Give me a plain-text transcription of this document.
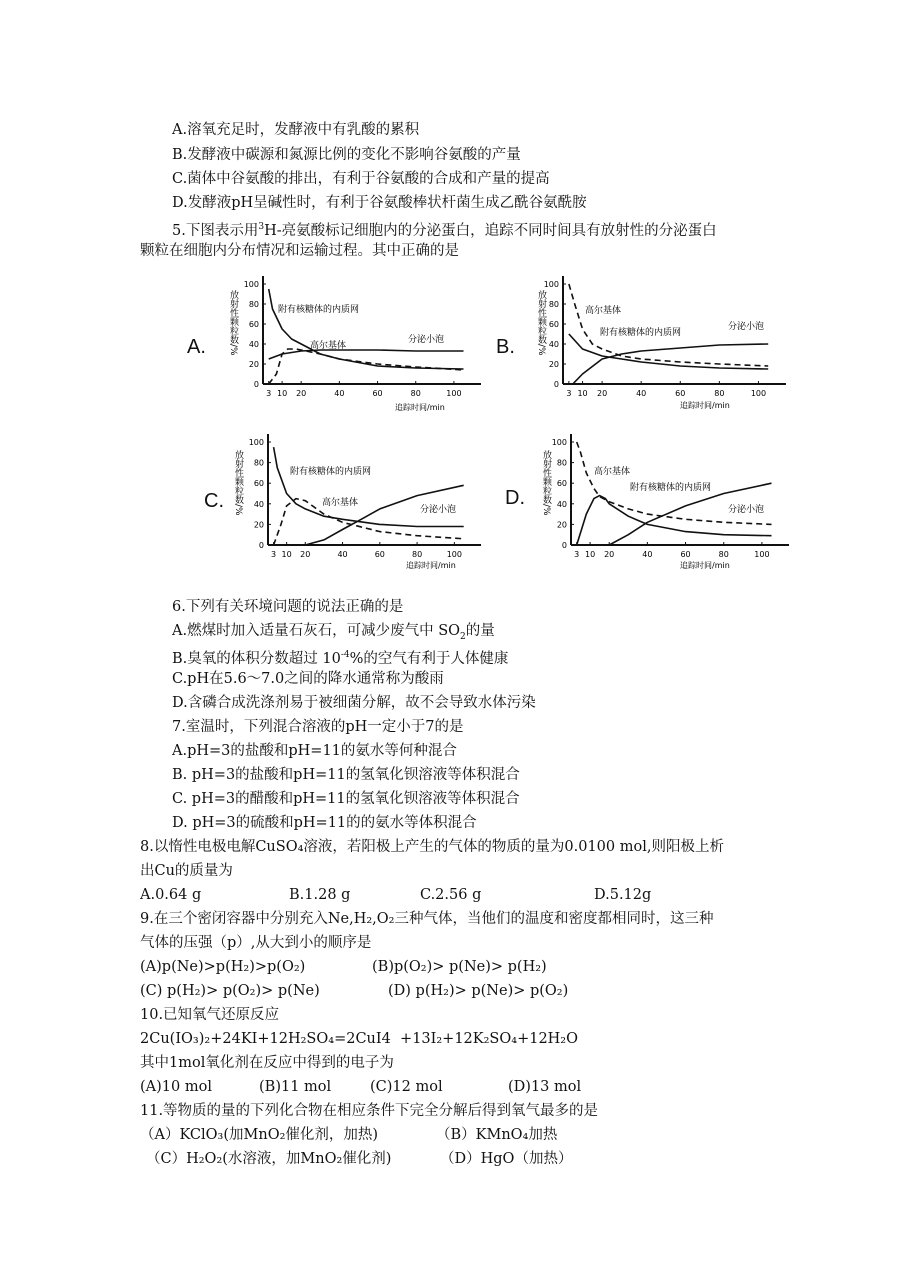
A.溶氧充足时，发酵液中有乳酸的累积
B.发酵液中碳源和氮源比例的变化不影响谷氨酸的产量
C.菌体中谷氨酸的排出，有利于谷氨酸的合成和产量的提高
D.发酵液pH呈碱性时，有利于谷氨酸棒状杆菌生成乙酰谷氨酰胺
5.下图表示用$^3$H-亮氨酸标记细胞内的分泌蛋白，追踪不同时间具有放射性的分泌蛋白
颗粒在细胞内分布情况和运输过程。其中正确的是
A.	B.
C.	D.
0
20
40
60
80
100
3 10 20	40	60	80	100
放射性颗粒数/%
追踪时间/min
附有核糖体的内质网
高尔基体
分泌小泡
0
20
40
60
80
100
3 10 20	40	60	80	100
放射性颗粒数/%
追踪时间/min
高尔基体
附有核糖体的内质网
分泌小泡
0
20
40
60
80
100
3 10 20	40	60	80	100
放射性颗粒数/%
追踪时间/min
附有核糖体的内质网
高尔基体
分泌小泡
0
20
40
60
80
100
3 10 20	40	60	80	100
放射性颗粒数/%
追踪时间/min
高尔基体
附有核糖体的内质网
分泌小泡
6.下列有关环境问题的说法正确的是
A.燃煤时加入适量石灰石，可减少废气中 $SO_2$的量
B.臭氧的体积分数超过 $10^{-4}\%$的空气有利于人体健康
C.pH在5.6～7.0之间的降水通常称为酸雨
D.含磷合成洗涤剂易于被细菌分解，故不会导致水体污染
7.室温时，下列混合溶液的pH一定小于7的是
A.pH=3的盐酸和pH=11的氨水等何种混合
B. pH=3的盐酸和pH=11的氢氧化钡溶液等体积混合
C. pH=3的醋酸和pH=11的氢氧化钡溶液等体积混合
D. pH=3的硫酸和pH=11的的氨水等体积混合
8.以惰性电极电解CuSO₄溶液，若阳极上产生的气体的物质的量为0.0100 mol,则阳极上析
出Cu的质量为
A.0.64 g	B.1.28 g	C.2.56 g	D.5.12g
9.在三个密闭容器中分别充入Ne,H₂,O₂三种气体，当他们的温度和密度都相同时，这三种
气体的压强（p）,从大到小的顺序是
(A)p(Ne)>p(H₂)>p(O₂)	(B)p(O₂)> p(Ne)> p(H₂)
(C) p(H₂)> p(O₂)> p(Ne)	(D) p(H₂)> p(Ne)> p(O₂)
10.已知氧气还原反应
2Cu(IO₃)₂+24KI+12H₂SO₄=2CuI4  +13I₂+12K₂SO₄+12H₂O
其中1mol氧化剂在反应中得到的电子为
(A)10 mol	(B)11 mol	(C)12 mol	(D)13 mol
11.等物质的量的下列化合物在相应条件下完全分解后得到氧气最多的是
（A）KClO₃(加MnO₂催化剂，加热)	（B）KMnO₄加热
（C）H₂O₂(水溶液，加MnO₂催化剂)	（D）HgO（加热）
